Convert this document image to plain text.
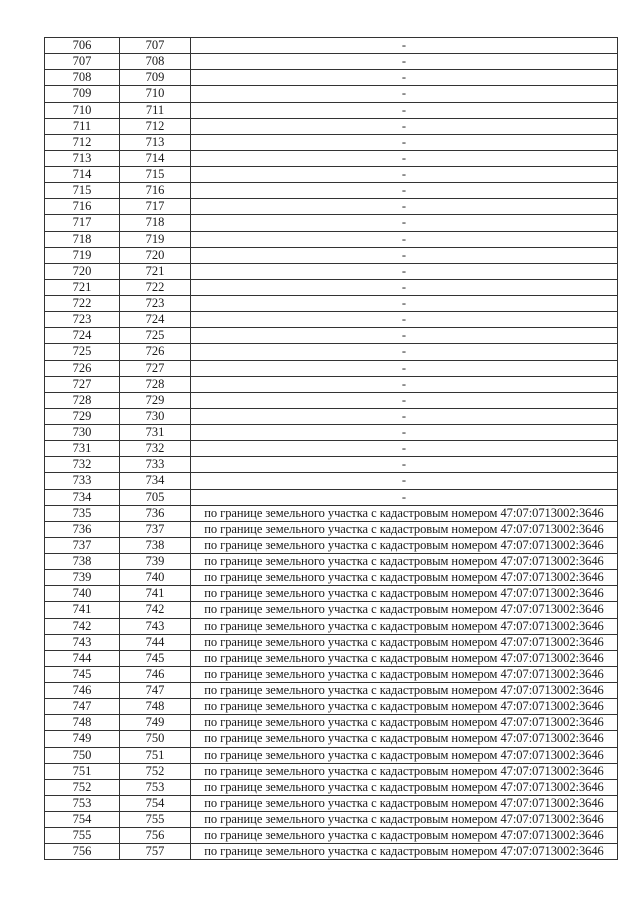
706	707	-
707	708	-
708	709	-
709	710	-
710	711	-
711	712	-
712	713	-
713	714	-
714	715	-
715	716	-
716	717	-
717	718	-
718	719	-
719	720	-
720	721	-
721	722	-
722	723	-
723	724	-
724	725	-
725	726	-
726	727	-
727	728	-
728	729	-
729	730	-
730	731	-
731	732	-
732	733	-
733	734	-
734	705	-
735	736	по границе земельного участка с кадастровым номером 47:07:0713002:3646
736	737	по границе земельного участка с кадастровым номером 47:07:0713002:3646
737	738	по границе земельного участка с кадастровым номером 47:07:0713002:3646
738	739	по границе земельного участка с кадастровым номером 47:07:0713002:3646
739	740	по границе земельного участка с кадастровым номером 47:07:0713002:3646
740	741	по границе земельного участка с кадастровым номером 47:07:0713002:3646
741	742	по границе земельного участка с кадастровым номером 47:07:0713002:3646
742	743	по границе земельного участка с кадастровым номером 47:07:0713002:3646
743	744	по границе земельного участка с кадастровым номером 47:07:0713002:3646
744	745	по границе земельного участка с кадастровым номером 47:07:0713002:3646
745	746	по границе земельного участка с кадастровым номером 47:07:0713002:3646
746	747	по границе земельного участка с кадастровым номером 47:07:0713002:3646
747	748	по границе земельного участка с кадастровым номером 47:07:0713002:3646
748	749	по границе земельного участка с кадастровым номером 47:07:0713002:3646
749	750	по границе земельного участка с кадастровым номером 47:07:0713002:3646
750	751	по границе земельного участка с кадастровым номером 47:07:0713002:3646
751	752	по границе земельного участка с кадастровым номером 47:07:0713002:3646
752	753	по границе земельного участка с кадастровым номером 47:07:0713002:3646
753	754	по границе земельного участка с кадастровым номером 47:07:0713002:3646
754	755	по границе земельного участка с кадастровым номером 47:07:0713002:3646
755	756	по границе земельного участка с кадастровым номером 47:07:0713002:3646
756	757	по границе земельного участка с кадастровым номером 47:07:0713002:3646
